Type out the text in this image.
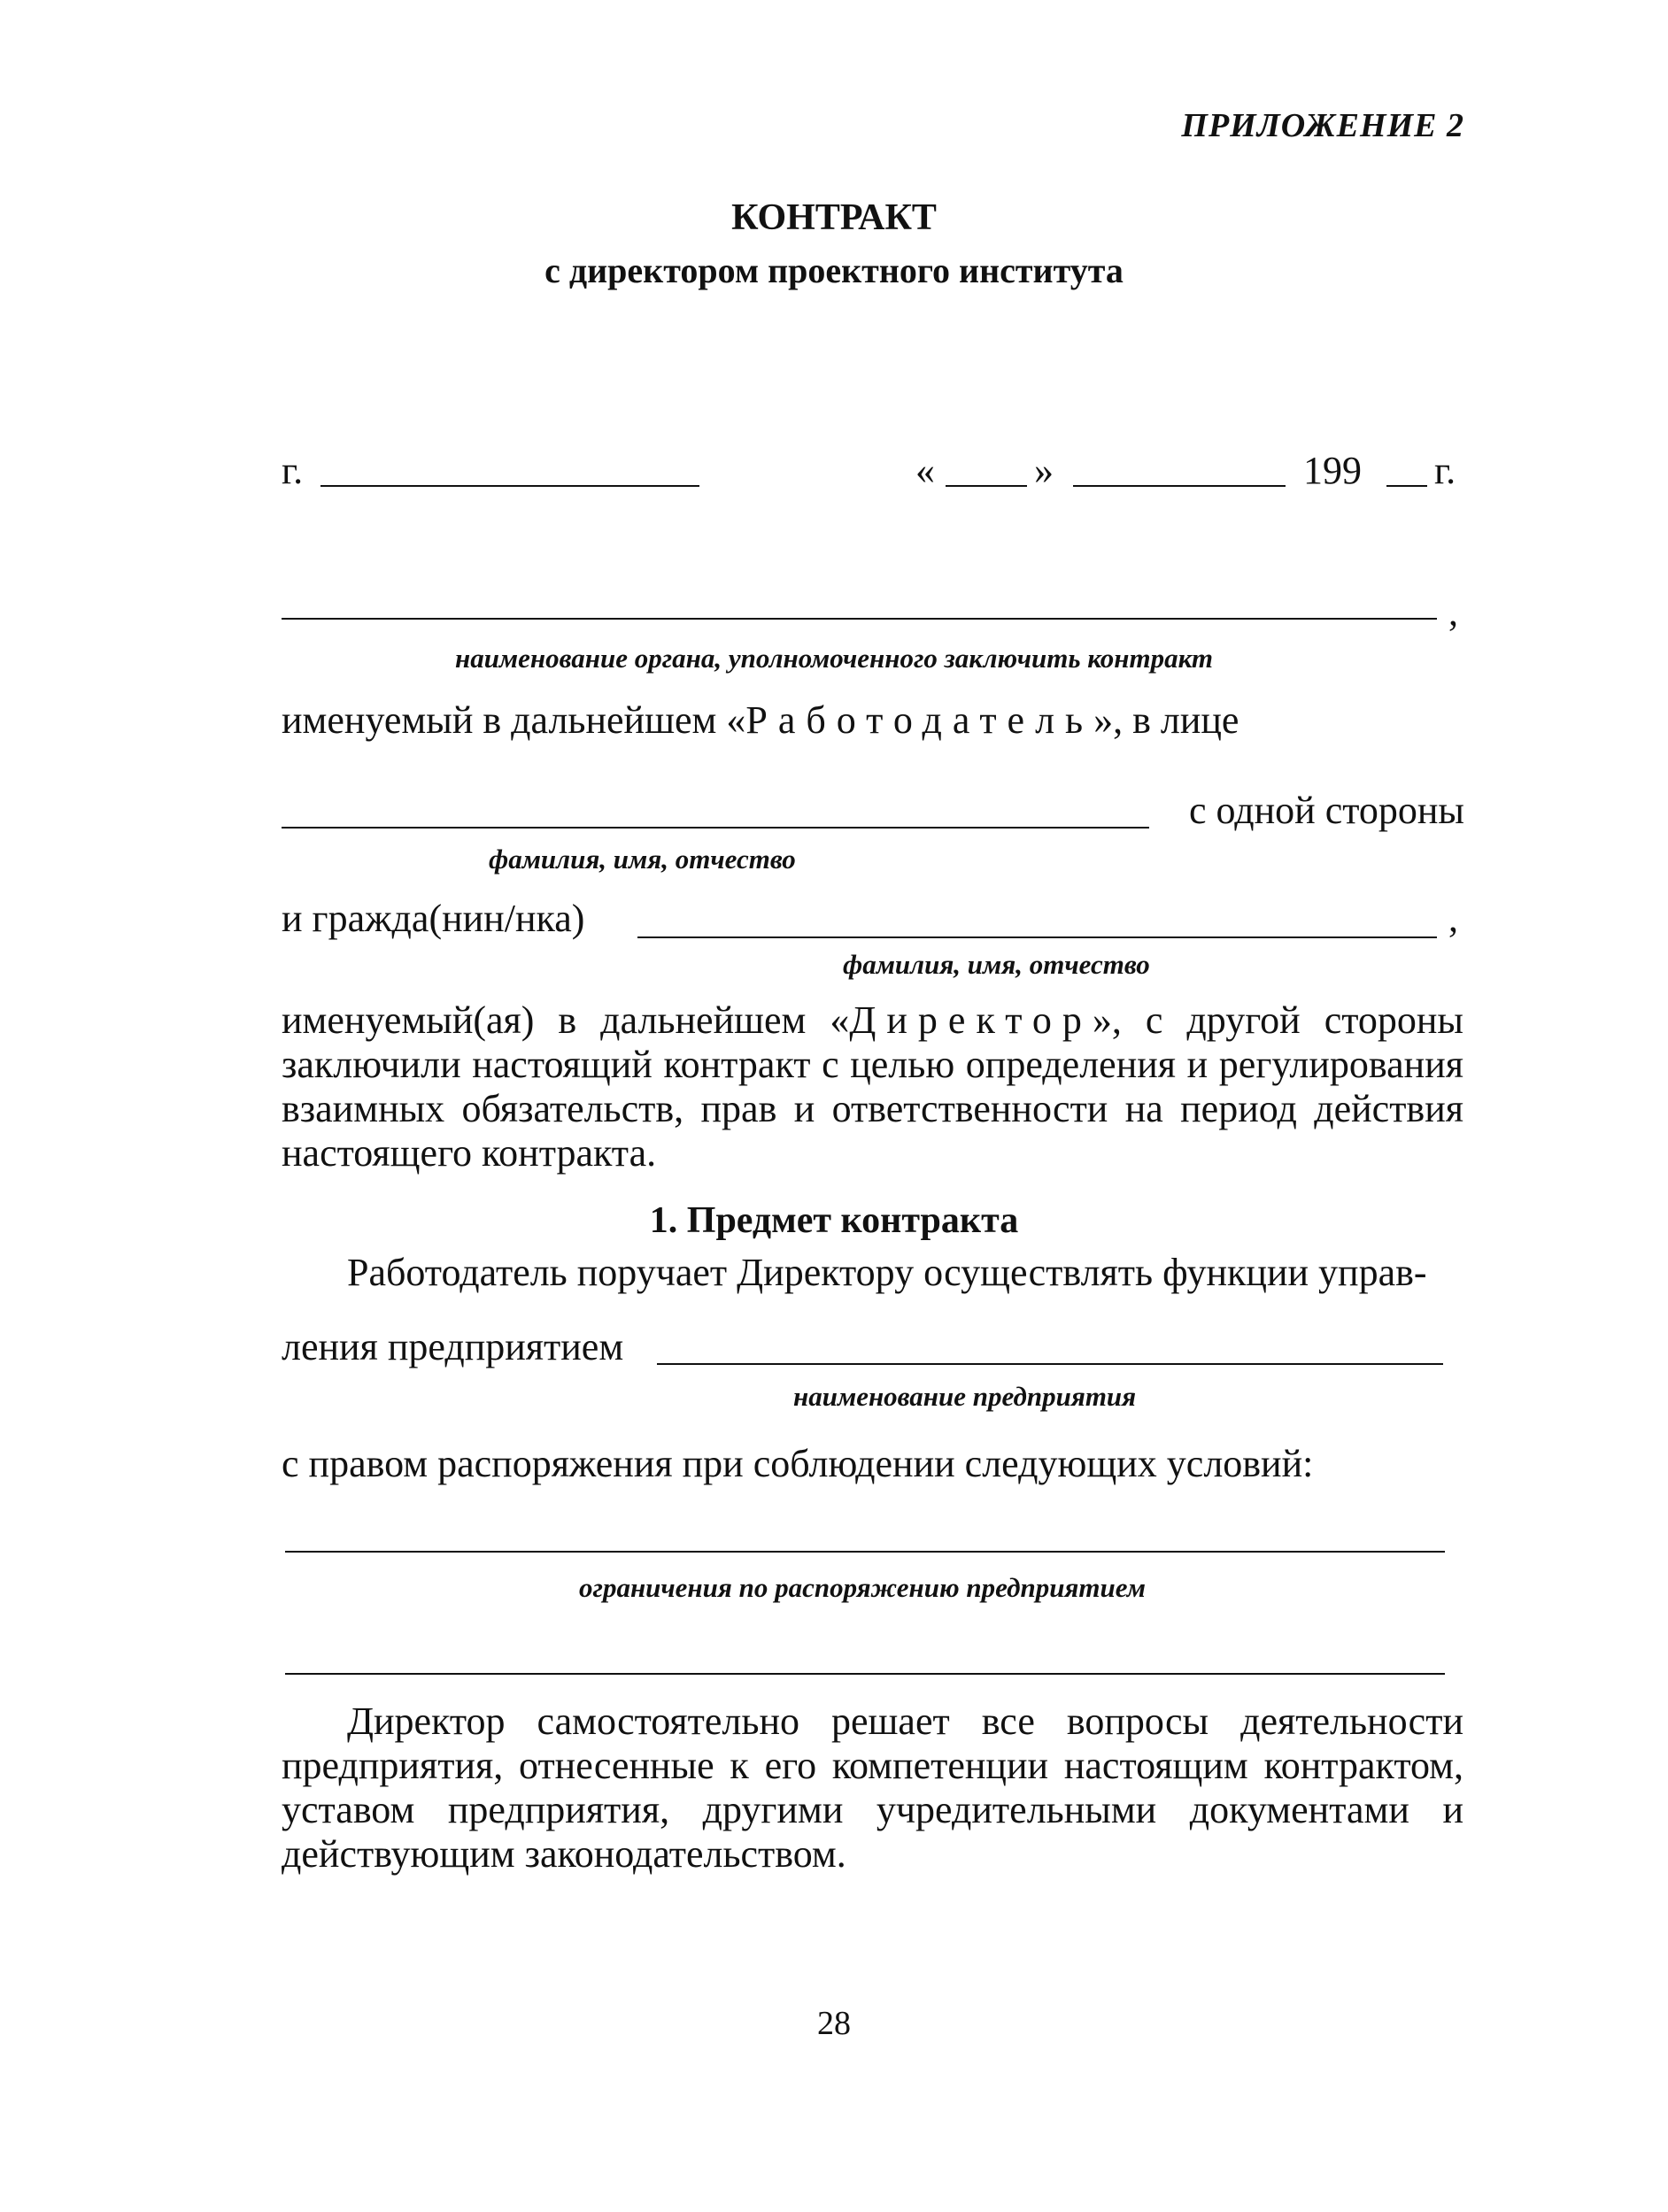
ПРИЛОЖЕНИЕ 2
КОНТРАКТ
с директором проектного института
г.	«	»	199 г.
,
наименование органа, уполномоченного заключить контракт
именуемый в дальнейшем «Работодатель», в лице
с одной стороны
фамилия, имя, отчество
и гражда(нин/нка)	,
фамилия, имя, отчество
именуемый(ая) в дальнейшем «Директор», с другой стороны заключили настоящий контракт с целью определения и регулирования взаимных обязательств, прав и ответственности на период действия настоящего контракта.
1. Предмет контракта
Работодатель поручает Директору осуществлять функции управ-
ления предприятием
наименование предприятия
с правом распоряжения при соблюдении следующих условий:
ограничения по распоряжению предприятием
Директор самостоятельно решает все вопросы деятельности предприятия, отнесенные к его компетенции настоящим контрактом, уставом предприятия, другими учредительными документами и действующим законодательством.
28
